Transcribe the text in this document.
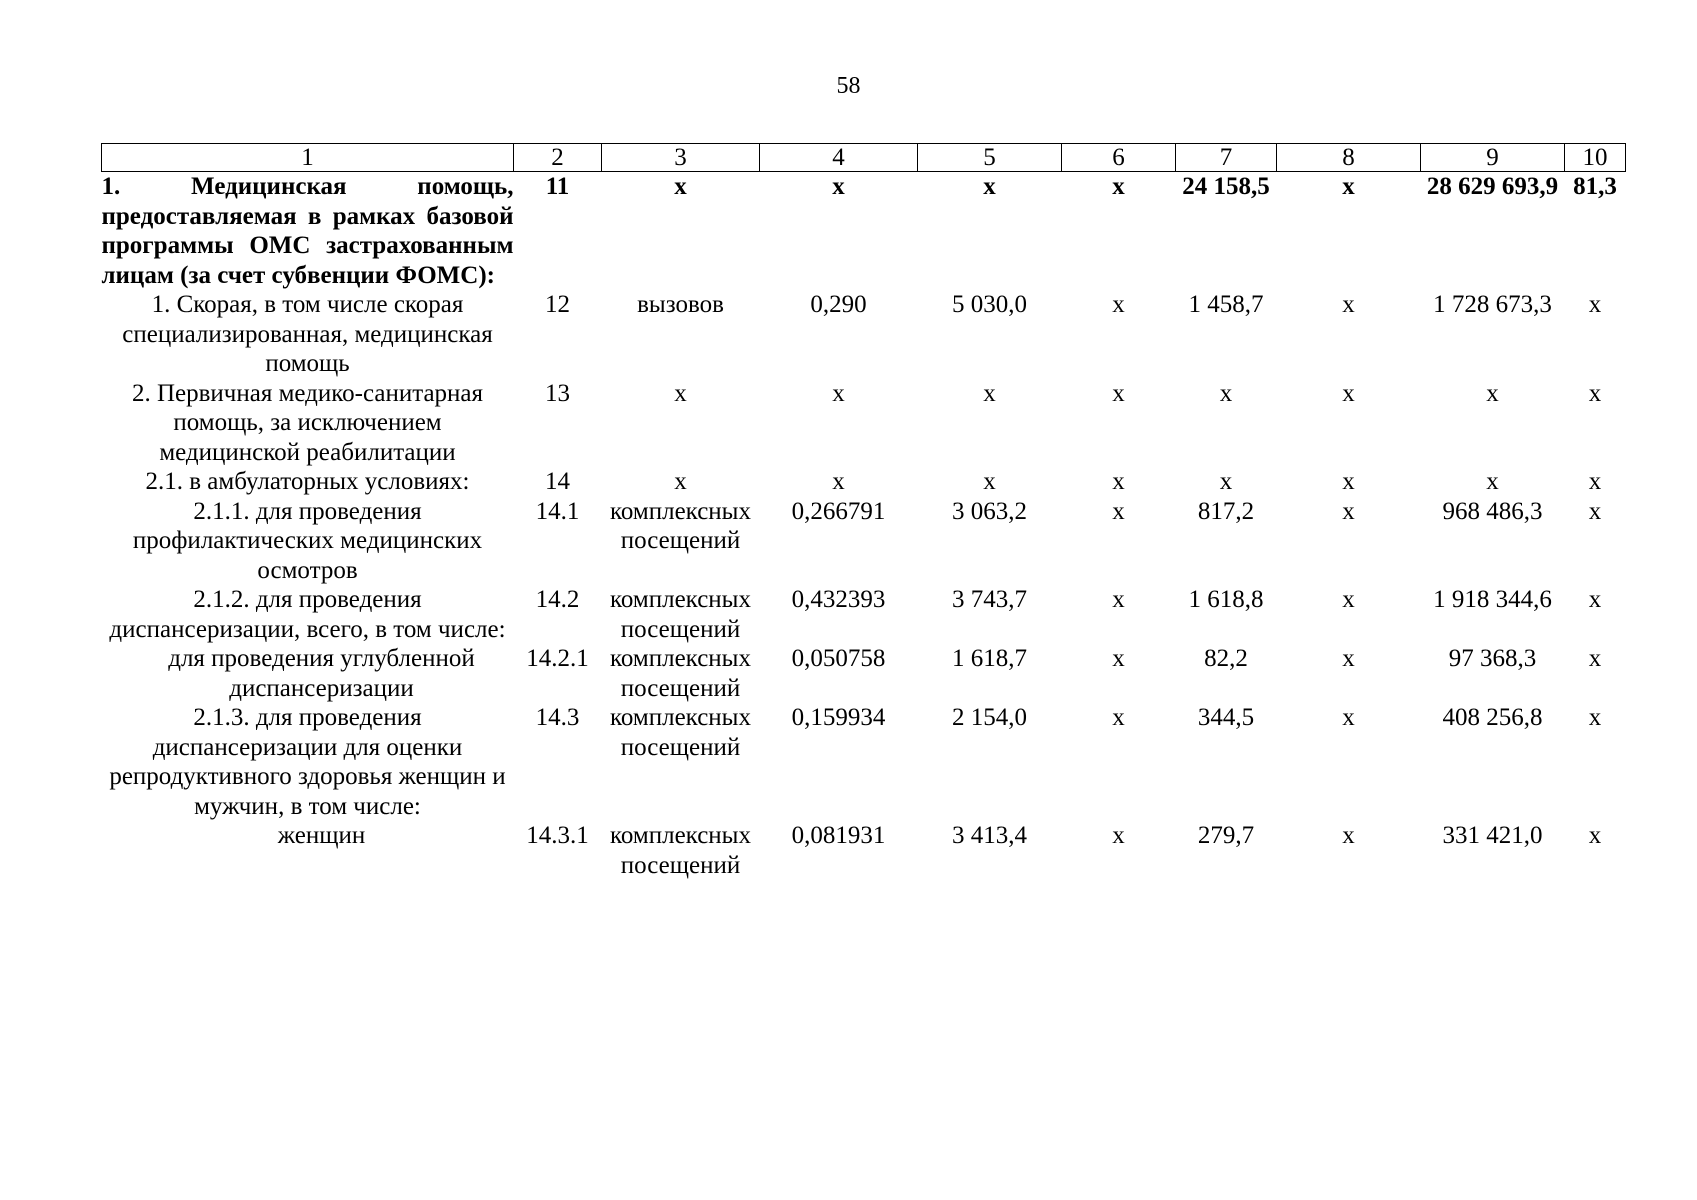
58
1	2	3	4	5	6	7	8	9	10
1. Медицинская помощь, предоставляемая в рамках базовой программы ОМС застрахованным лицам (за счет субвенции ФОМС):	11	х	х	х	х	24 158,5	х	28 629 693,9	81,3
1. Скорая, в том числе скорая специализированная, медицинская помощь	12	вызовов	0,290	5 030,0	х	1 458,7	х	1 728 673,3	х
2. Первичная медико-санитарная помощь, за исключением медицинской реабилитации	13	х	х	х	х	х	х	х	х
2.1. в амбулаторных условиях:	14	х	х	х	х	х	х	х	х
2.1.1. для проведения профилактических медицинских осмотров	14.1	комплексных посещений	0,266791	3 063,2	х	817,2	х	968 486,3	х
2.1.2. для проведения диспансеризации, всего, в том числе:	14.2	комплексных посещений	0,432393	3 743,7	х	1 618,8	х	1 918 344,6	х
для проведения углубленной диспансеризации	14.2.1	комплексных посещений	0,050758	1 618,7	х	82,2	х	97 368,3	х
2.1.3. для проведения диспансеризации для оценки репродуктивного здоровья женщин и мужчин, в том числе:	14.3	комплексных посещений	0,159934	2 154,0	х	344,5	х	408 256,8	х
женщин	14.3.1	комплексных посещений	0,081931	3 413,4	х	279,7	х	331 421,0	х
